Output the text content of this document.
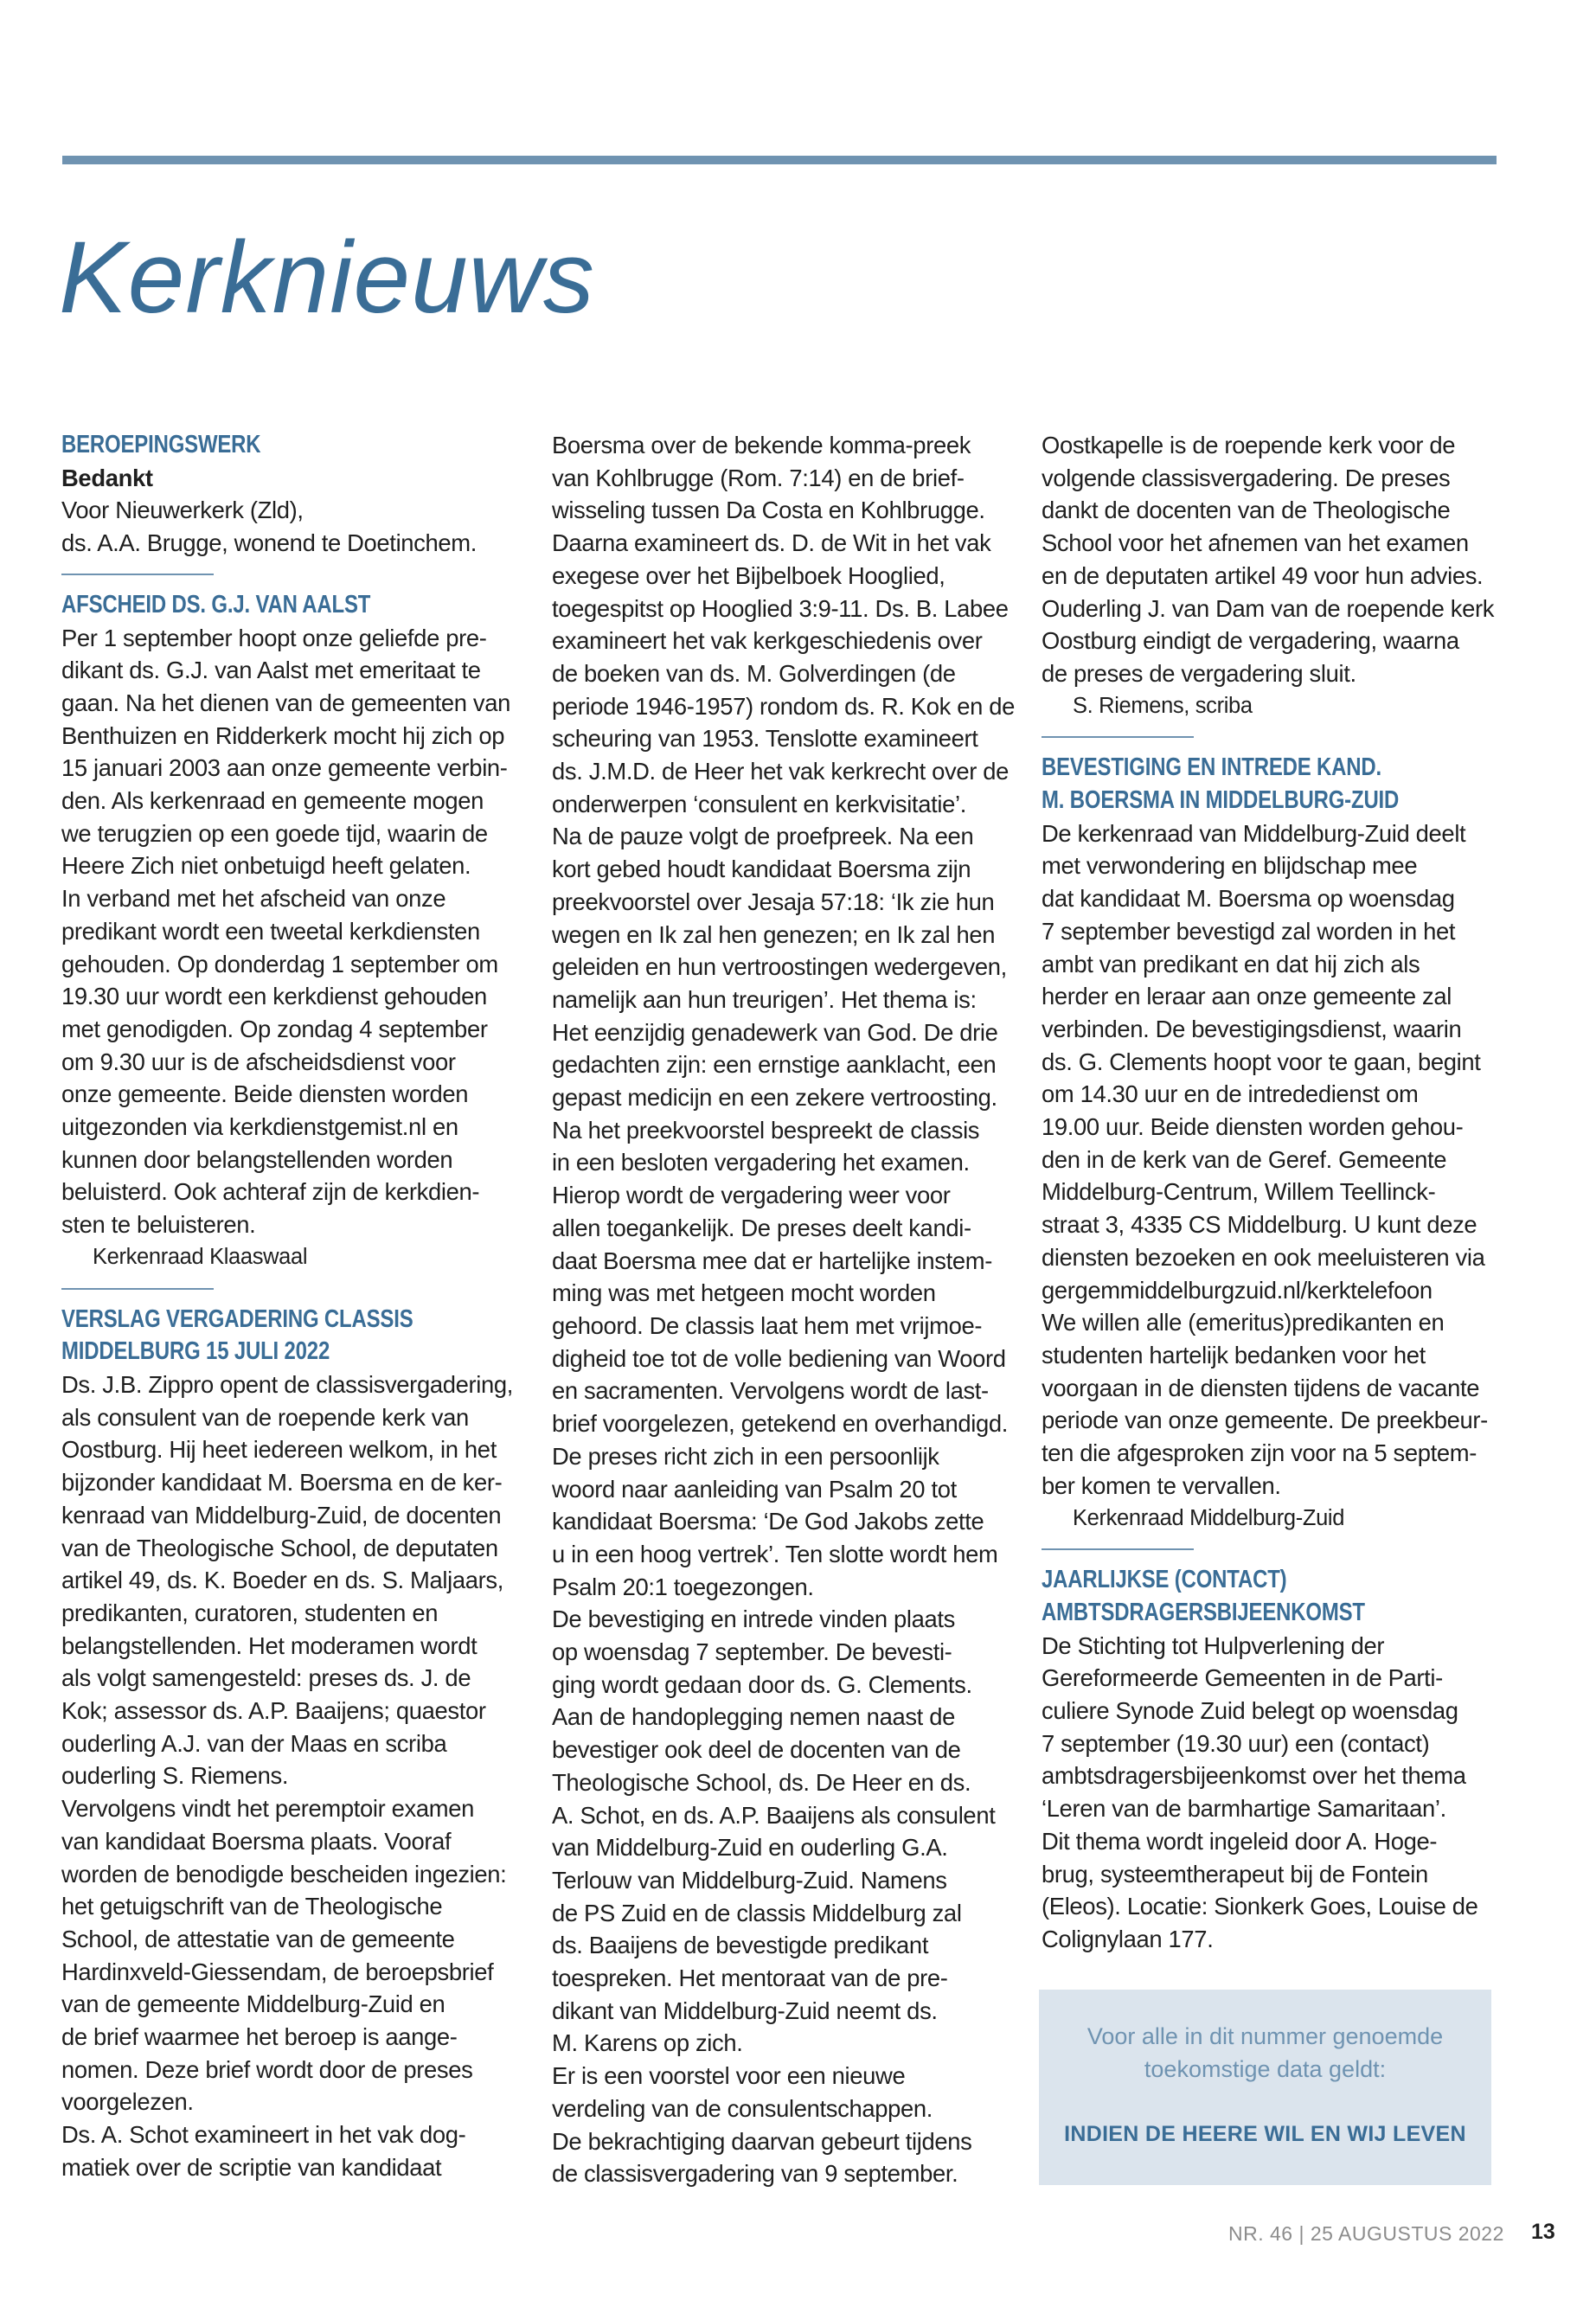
Kerknieuws

BEROEPINGSWERK

Bedankt

Voor Nieuwerkerk (Zld),

ds. A.A. Brugge, wonend te Doetinchem.

AFSCHEID DS. G.J. VAN AALST

Per 1 september hoopt onze geliefde pre-

dikant ds. G.J. van Aalst met emeritaat te

gaan. Na het dienen van de gemeenten van

Benthuizen en Ridderkerk mocht hij zich op

15 januari 2003 aan onze gemeente verbin-

den. Als kerkenraad en gemeente mogen

we terugzien op een goede tijd, waarin de

Heere Zich niet onbetuigd heeft gelaten.

In verband met het afscheid van onze

predikant wordt een tweetal kerkdiensten

gehouden. Op donderdag 1 september om

19.30 uur wordt een kerkdienst gehouden

met genodigden. Op zondag 4 september

om 9.30 uur is de afscheidsdienst voor

onze gemeente. Beide diensten worden

uitgezonden via kerkdienstgemist.nl en

kunnen door belangstellenden worden

beluisterd. Ook achteraf zijn de kerkdien-

sten te beluisteren.

Kerkenraad Klaaswaal

VERSLAG VERGADERING CLASSIS

MIDDELBURG 15 JULI 2022

Ds. J.B. Zippro opent de classisvergadering,

als consulent van de roepende kerk van

Oostburg. Hij heet iedereen welkom, in het

bijzonder kandidaat M. Boersma en de ker-

kenraad van Middelburg-Zuid, de docenten

van de Theologische School, de deputaten

artikel 49, ds. K. Boeder en ds. S. Maljaars,

predikanten, curatoren, studenten en

belangstellenden. Het moderamen wordt

als volgt samengesteld: preses ds. J. de

Kok; assessor ds. A.P. Baaijens; quaestor

ouderling A.J. van der Maas en scriba

ouderling S. Riemens.

Vervolgens vindt het peremptoir examen

van kandidaat Boersma plaats. Vooraf

worden de benodigde bescheiden ingezien:

het getuigschrift van de Theologische

School, de attestatie van de gemeente

Hardinxveld-Giessendam, de beroepsbrief

van de gemeente Middelburg-Zuid en

de brief waarmee het beroep is aange-

nomen. Deze brief wordt door de preses

voorgelezen.

Ds. A. Schot examineert in het vak dog-

matiek over de scriptie van kandidaat

Boersma over de bekende komma-preek

van Kohlbrugge (Rom. 7:14) en de brief-

wisseling tussen Da Costa en Kohlbrugge.

Daarna examineert ds. D. de Wit in het vak

exegese over het Bijbelboek Hooglied,

toegespitst op Hooglied 3:9-11. Ds. B. Labee

examineert het vak kerkgeschiedenis over

de boeken van ds. M. Golverdingen (de

periode 1946-1957) rondom ds. R. Kok en de

scheuring van 1953. Tenslotte examineert

ds. J.M.D. de Heer het vak kerkrecht over de

onderwerpen ‘consulent en kerkvisitatie’.

Na de pauze volgt de proefpreek. Na een

kort gebed houdt kandidaat Boersma zijn

preekvoorstel over Jesaja 57:18: ‘Ik zie hun

wegen en Ik zal hen genezen; en Ik zal hen

geleiden en hun vertroostingen wedergeven,

namelijk aan hun treurigen’. Het thema is:

Het eenzijdig genadewerk van God. De drie

gedachten zijn: een ernstige aanklacht, een

gepast medicijn en een zekere vertroosting.

Na het preekvoorstel bespreekt de classis

in een besloten vergadering het examen.

Hierop wordt de vergadering weer voor

allen toegankelijk. De preses deelt kandi-

daat Boersma mee dat er hartelijke instem-

ming was met hetgeen mocht worden

gehoord. De classis laat hem met vrijmoe-

digheid toe tot de volle bediening van Woord

en sacramenten. Vervolgens wordt de last-

brief voorgelezen, getekend en overhandigd.

De preses richt zich in een persoonlijk

woord naar aanleiding van Psalm 20 tot

kandidaat Boersma: ‘De God Jakobs zette

u in een hoog vertrek’. Ten slotte wordt hem

Psalm 20:1 toegezongen.

De bevestiging en intrede vinden plaats

op woensdag 7 september. De bevesti-

ging wordt gedaan door ds. G. Clements.

Aan de handoplegging nemen naast de

bevestiger ook deel de docenten van de

Theologische School, ds. De Heer en ds.

A. Schot, en ds. A.P. Baaijens als consulent

van Middelburg-Zuid en ouderling G.A.

Terlouw van Middelburg-Zuid. Namens

de PS Zuid en de classis Middelburg zal

ds. Baaijens de bevestigde predikant

toespreken. Het mentoraat van de pre-

dikant van Middelburg-Zuid neemt ds.

M. Karens op zich.

Er is een voorstel voor een nieuwe

verdeling van de consulentschappen.

De bekrachtiging daarvan gebeurt tijdens

de classisvergadering van 9 september.

Oostkapelle is de roepende kerk voor de

volgende classisvergadering. De preses

dankt de docenten van de Theologische

School voor het afnemen van het examen

en de deputaten artikel 49 voor hun advies.

Ouderling J. van Dam van de roepende kerk

Oostburg eindigt de vergadering, waarna

de preses de vergadering sluit.

S. Riemens, scriba

BEVESTIGING EN INTREDE KAND.

M. BOERSMA IN MIDDELBURG-ZUID

De kerkenraad van Middelburg-Zuid deelt

met verwondering en blijdschap mee

dat kandidaat M. Boersma op woensdag

7 september bevestigd zal worden in het

ambt van predikant en dat hij zich als

herder en leraar aan onze gemeente zal

verbinden. De bevestigingsdienst, waarin

ds. G. Clements hoopt voor te gaan, begint

om 14.30 uur en de intrededienst om

19.00 uur. Beide diensten worden gehou-

den in de kerk van de Geref. Gemeente

Middelburg-Centrum, Willem Teellinck-

straat 3, 4335 CS Middelburg. U kunt deze

diensten bezoeken en ook meeluisteren via

gergemmiddelburgzuid.nl/kerktelefoon

We willen alle (emeritus)predikanten en

studenten hartelijk bedanken voor het

voorgaan in de diensten tijdens de vacante

periode van onze gemeente. De preekbeur-

ten die afgesproken zijn voor na 5 septem-

ber komen te vervallen.

Kerkenraad Middelburg-Zuid

JAARLIJKSE (CONTACT)

AMBTSDRAGERSBIJEENKOMST

De Stichting tot Hulpverlening der

Gereformeerde Gemeenten in de Parti-

culiere Synode Zuid belegt op woensdag

7 september (19.30 uur) een (contact)

ambtsdragersbijeenkomst over het thema

‘Leren van de barmhartige Samaritaan’.

Dit thema wordt ingeleid door A. Hoge-

brug, systeemtherapeut bij de Fontein

(Eleos). Locatie: Sionkerk Goes, Louise de

Colignylaan 177.

Voor alle in dit nummer genoemde

toekomstige data geldt:

INDIEN DE HEERE WIL EN WIJ LEVEN

NR. 46 | 25 AUGUSTUS 2022 13
